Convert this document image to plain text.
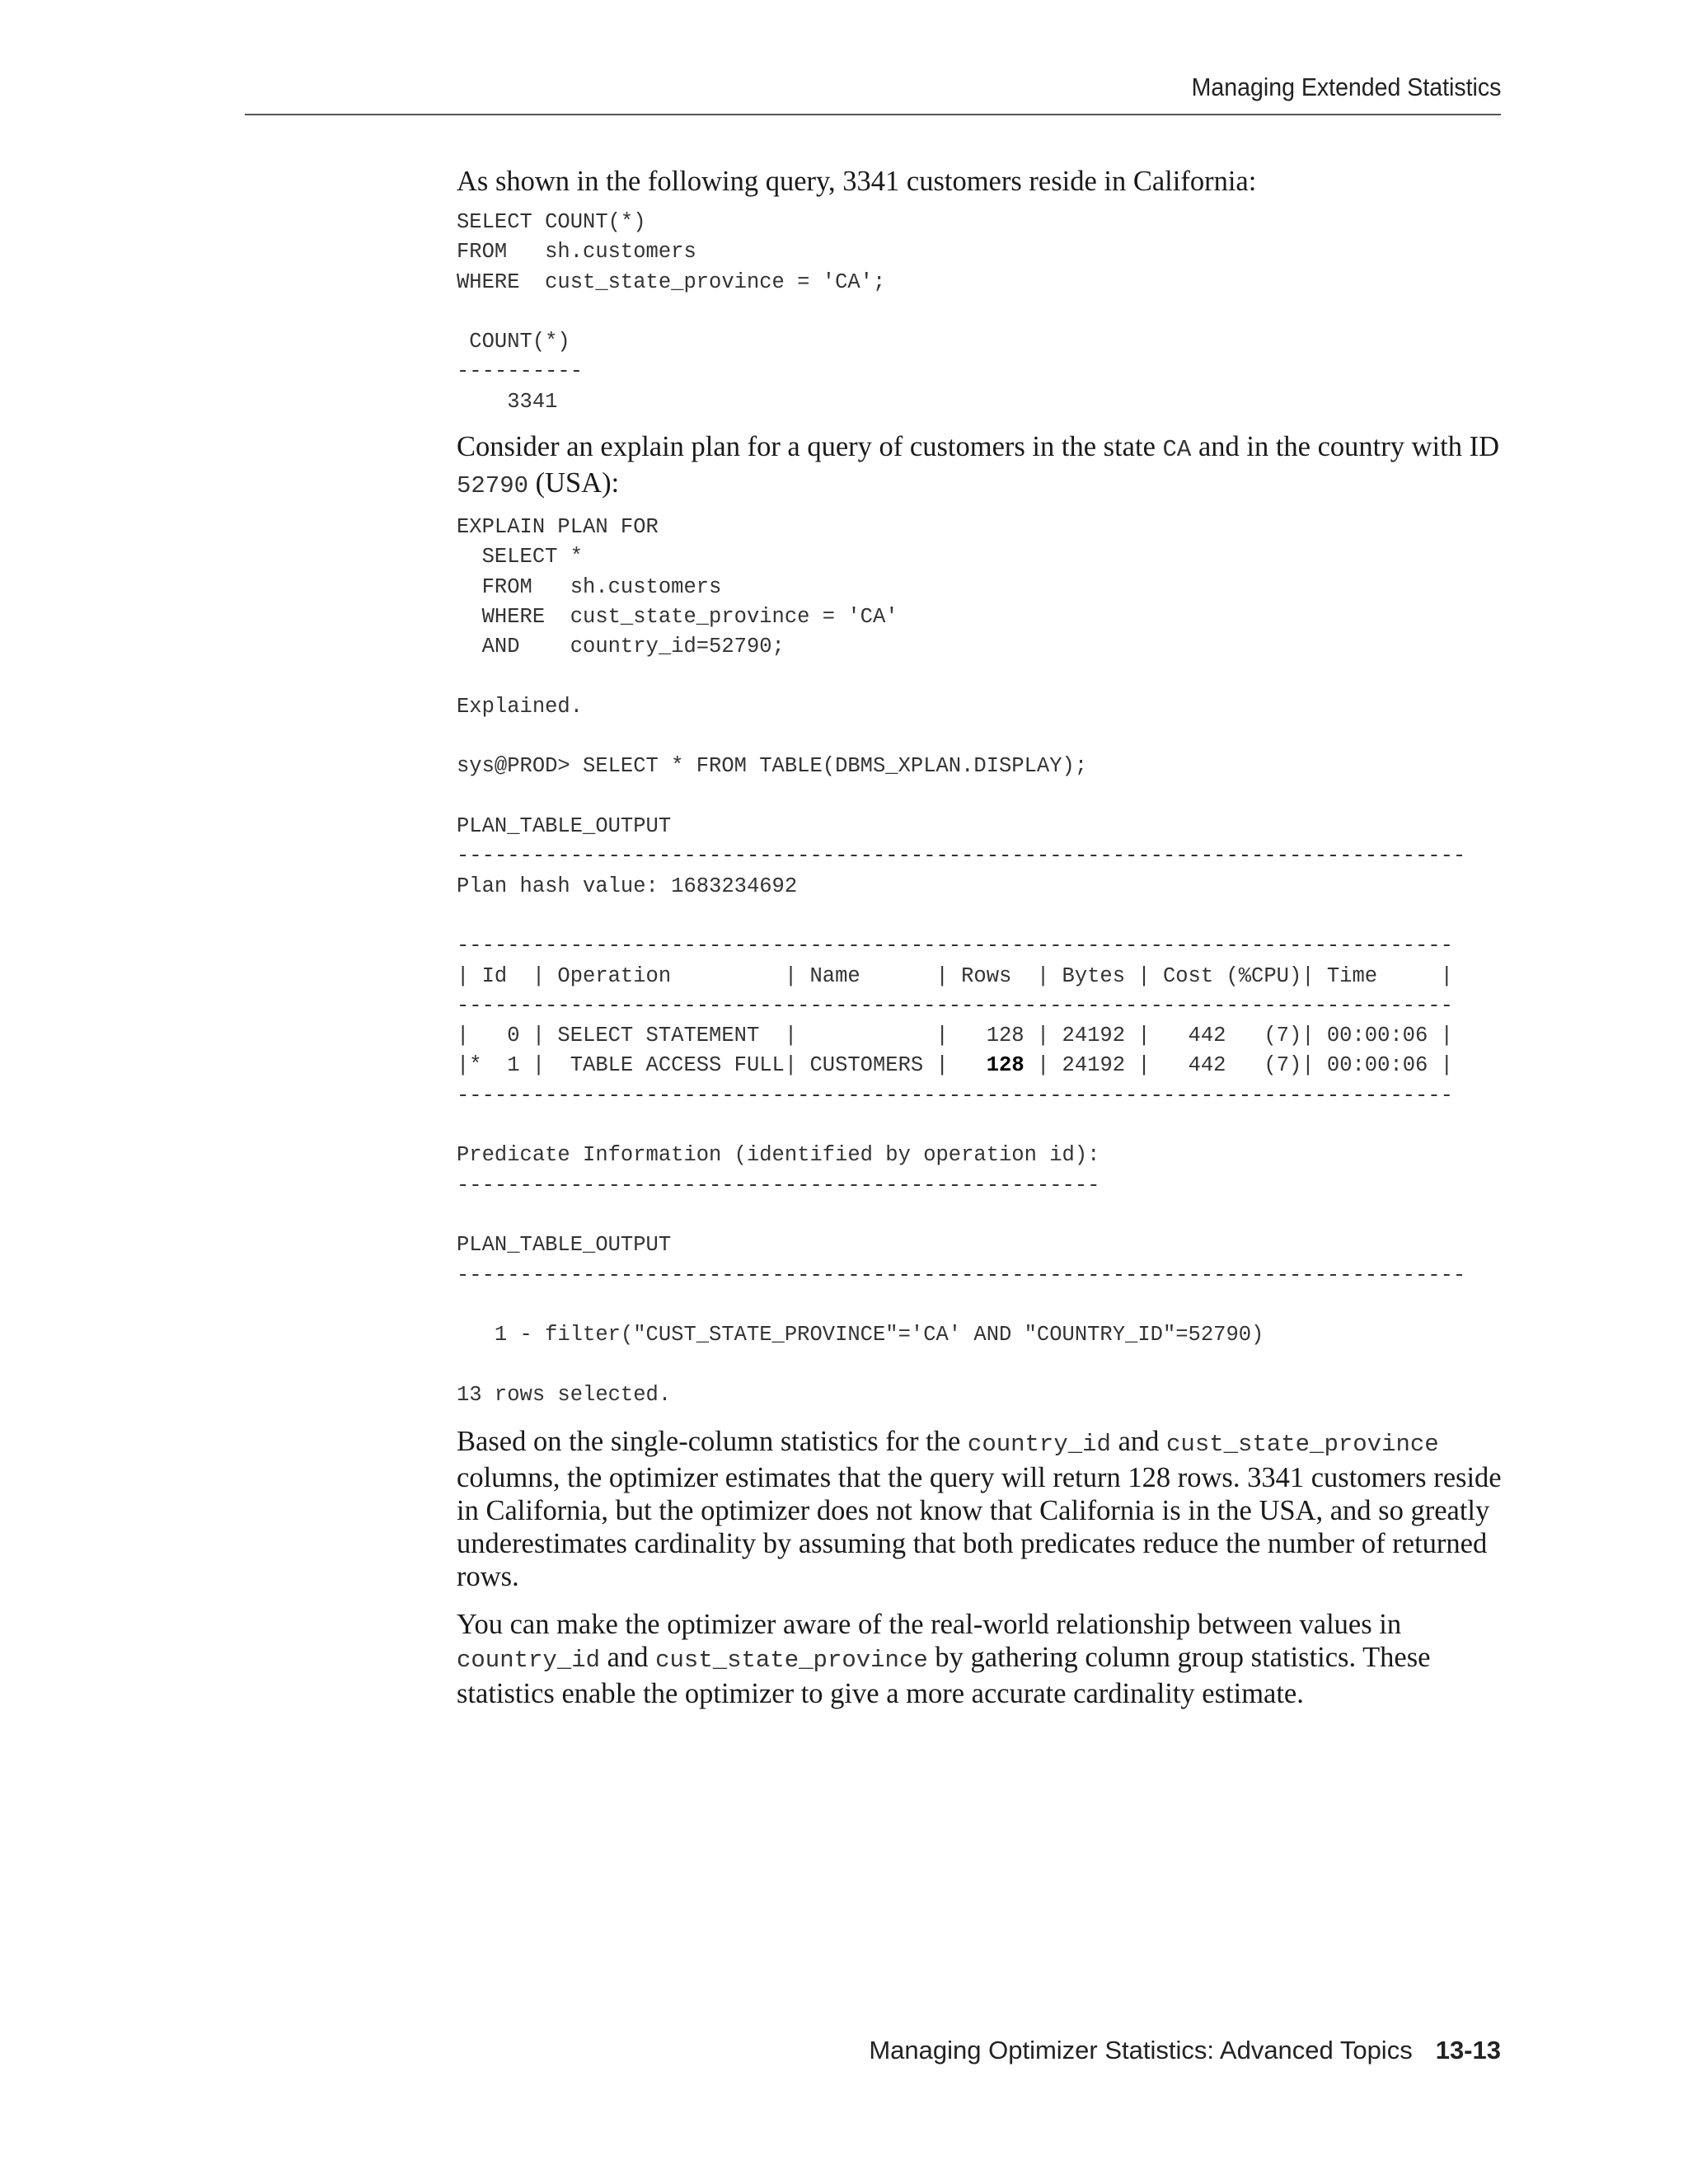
Managing Extended Statistics

As shown in the following query, 3341 customers reside in California:

SELECT COUNT(*)
FROM   sh.customers
WHERE  cust_state_province = 'CA';

COUNT(*)
----------
3341

Consider an explain plan for a query of customers in the state CA and in the country with ID 52790 (USA):

EXPLAIN PLAN FOR
SELECT *
FROM   sh.customers
WHERE  cust_state_province = 'CA'
AND    country_id=52790;

Explained.

sys@PROD> SELECT * FROM TABLE(DBMS_XPLAN.DISPLAY);

PLAN_TABLE_OUTPUT
--------------------------------------------------------------------------------
Plan hash value: 1683234692

-------------------------------------------------------------------------------
| Id  | Operation         | Name      | Rows  | Bytes | Cost (%CPU)| Time     |
-------------------------------------------------------------------------------
|   0 | SELECT STATEMENT  |           |   128 | 24192 |   442   (7)| 00:00:06 |
|*  1 |  TABLE ACCESS FULL| CUSTOMERS |   128 | 24192 |   442   (7)| 00:00:06 |
-------------------------------------------------------------------------------

Predicate Information (identified by operation id):
---------------------------------------------------

PLAN_TABLE_OUTPUT
--------------------------------------------------------------------------------

1 - filter("CUST_STATE_PROVINCE"='CA' AND "COUNTRY_ID"=52790)

13 rows selected.

Based on the single-column statistics for the country_id and cust_state_province columns, the optimizer estimates that the query will return 128 rows. 3341 customers reside in California, but the optimizer does not know that California is in the USA, and so greatly underestimates cardinality by assuming that both predicates reduce the number of returned rows.

You can make the optimizer aware of the real-world relationship between values in country_id and cust_state_province by gathering column group statistics. These statistics enable the optimizer to give a more accurate cardinality estimate.

Managing Optimizer Statistics: Advanced Topics 13-13
